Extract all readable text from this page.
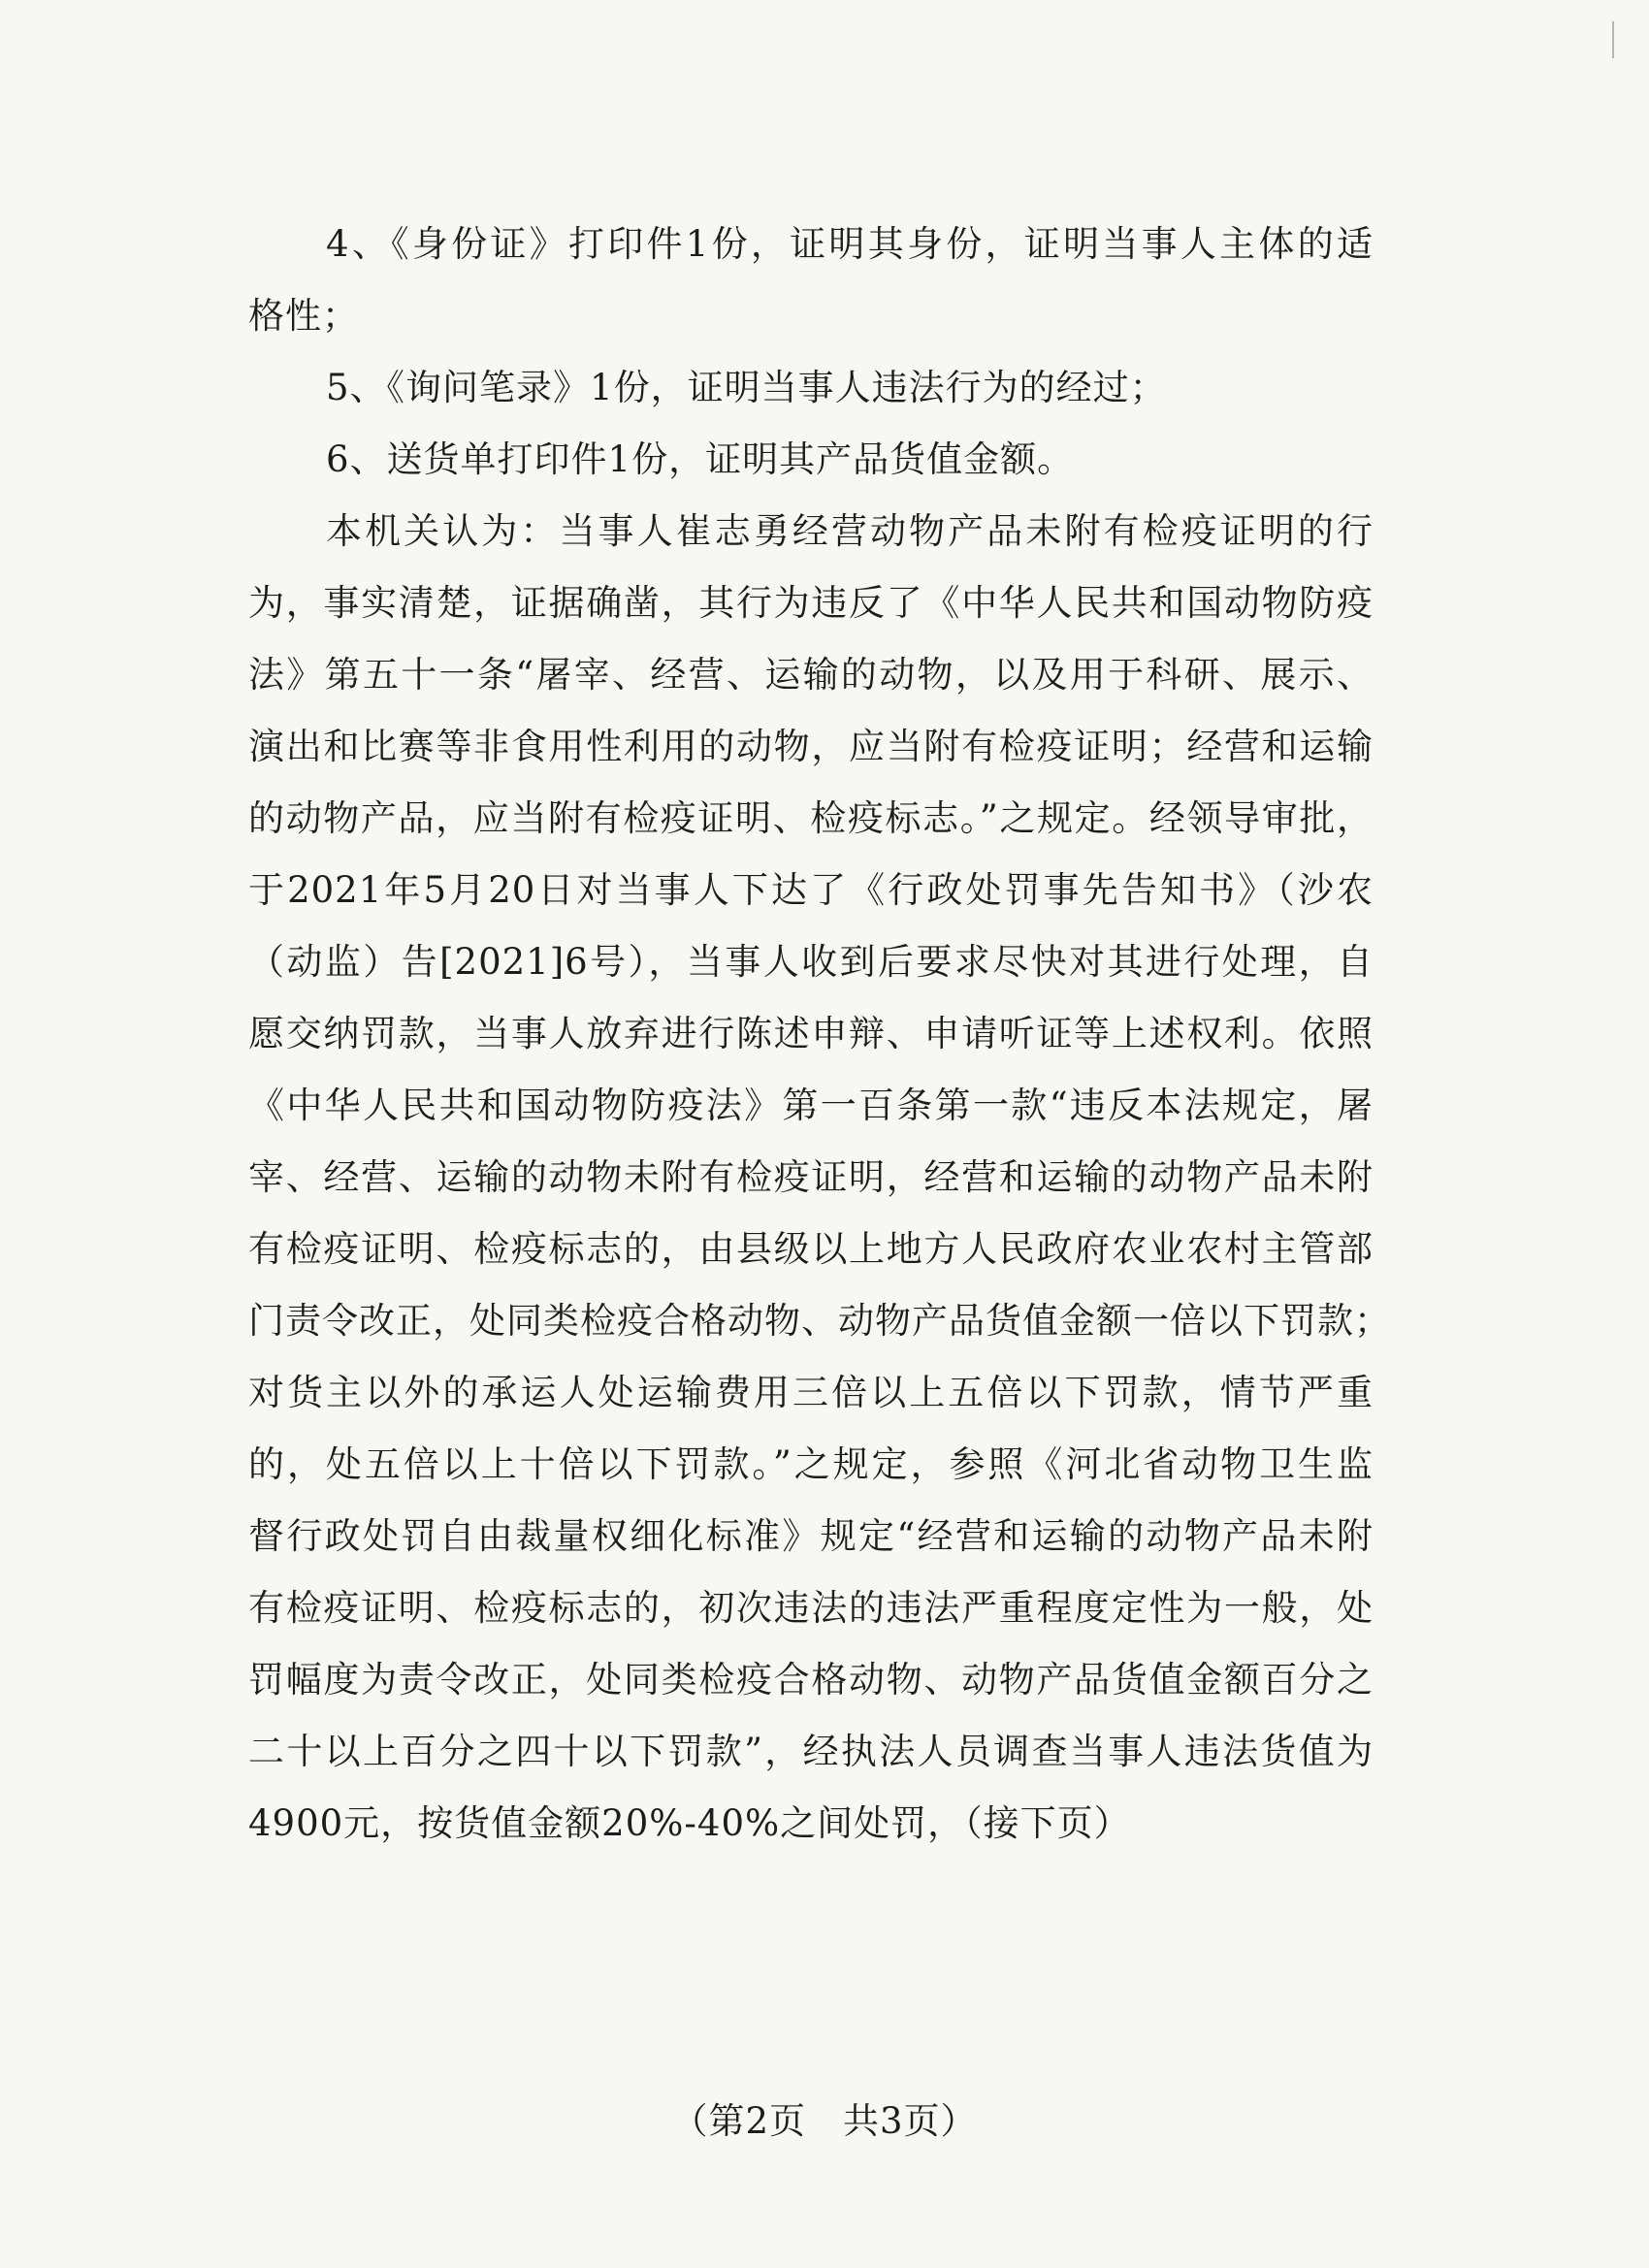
4、《身份证》打印件1份，证明其身份，证明当事人主体的适
格性；
5、《询问笔录》1份，证明当事人违法行为的经过；
6、送货单打印件1份，证明其产品货值金额。
本机关认为：当事人崔志勇经营动物产品未附有检疫证明的行
为，事实清楚，证据确凿，其行为违反了《中华人民共和国动物防疫
法》第五十一条“屠宰、经营、运输的动物，以及用于科研、展示、
演出和比赛等非食用性利用的动物，应当附有检疫证明；经营和运输
的动物产品，应当附有检疫证明、检疫标志。”之规定。经领导审批，
于2021年5月20日对当事人下达了《行政处罚事先告知书》（沙农
（动监）告[2021]6号），当事人收到后要求尽快对其进行处理，自
愿交纳罚款，当事人放弃进行陈述申辩、申请听证等上述权利。依照
《中华人民共和国动物防疫法》第一百条第一款“违反本法规定，屠
宰、经营、运输的动物未附有检疫证明，经营和运输的动物产品未附
有检疫证明、检疫标志的，由县级以上地方人民政府农业农村主管部
门责令改正，处同类检疫合格动物、动物产品货值金额一倍以下罚款；
对货主以外的承运人处运输费用三倍以上五倍以下罚款，情节严重
的，处五倍以上十倍以下罚款。”之规定，参照《河北省动物卫生监
督行政处罚自由裁量权细化标准》规定“经营和运输的动物产品未附
有检疫证明、检疫标志的，初次违法的违法严重程度定性为一般，处
罚幅度为责令改正，处同类检疫合格动物、动物产品货值金额百分之
二十以上百分之四十以下罚款”，经执法人员调查当事人违法货值为
4900元，按货值金额20%-40%之间处罚，（接下页）
（第2页　共3页）
